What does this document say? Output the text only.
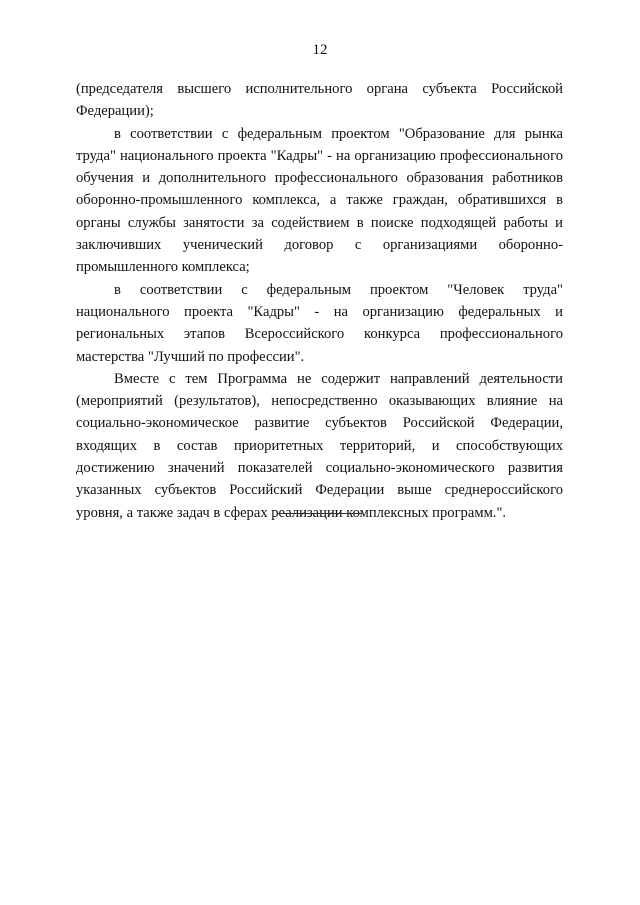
12

(председателя высшего исполнительного органа субъекта Российской Федерации);

в соответствии с федеральным проектом "Образование для рынка труда" национального проекта "Кадры" - на организацию профессионального обучения и дополнительного профессионального образования работников оборонно-промышленного комплекса, а также граждан, обратившихся в органы службы занятости за содействием в поиске подходящей работы и заключивших ученический договор с организациями оборонно-промышленного комплекса;

в соответствии с федеральным проектом "Человек труда" национального проекта "Кадры" - на организацию федеральных и региональных этапов Всероссийского конкурса профессионального мастерства "Лучший по профессии".

Вместе с тем Программа не содержит направлений деятельности (мероприятий (результатов), непосредственно оказывающих влияние на социально-экономическое развитие субъектов Российской Федерации, входящих в состав приоритетных территорий, и способствующих достижению значений показателей социально-экономического развития указанных субъектов Российский Федерации выше среднероссийского уровня, а также задач в сферах реализации комплексных программ.".
